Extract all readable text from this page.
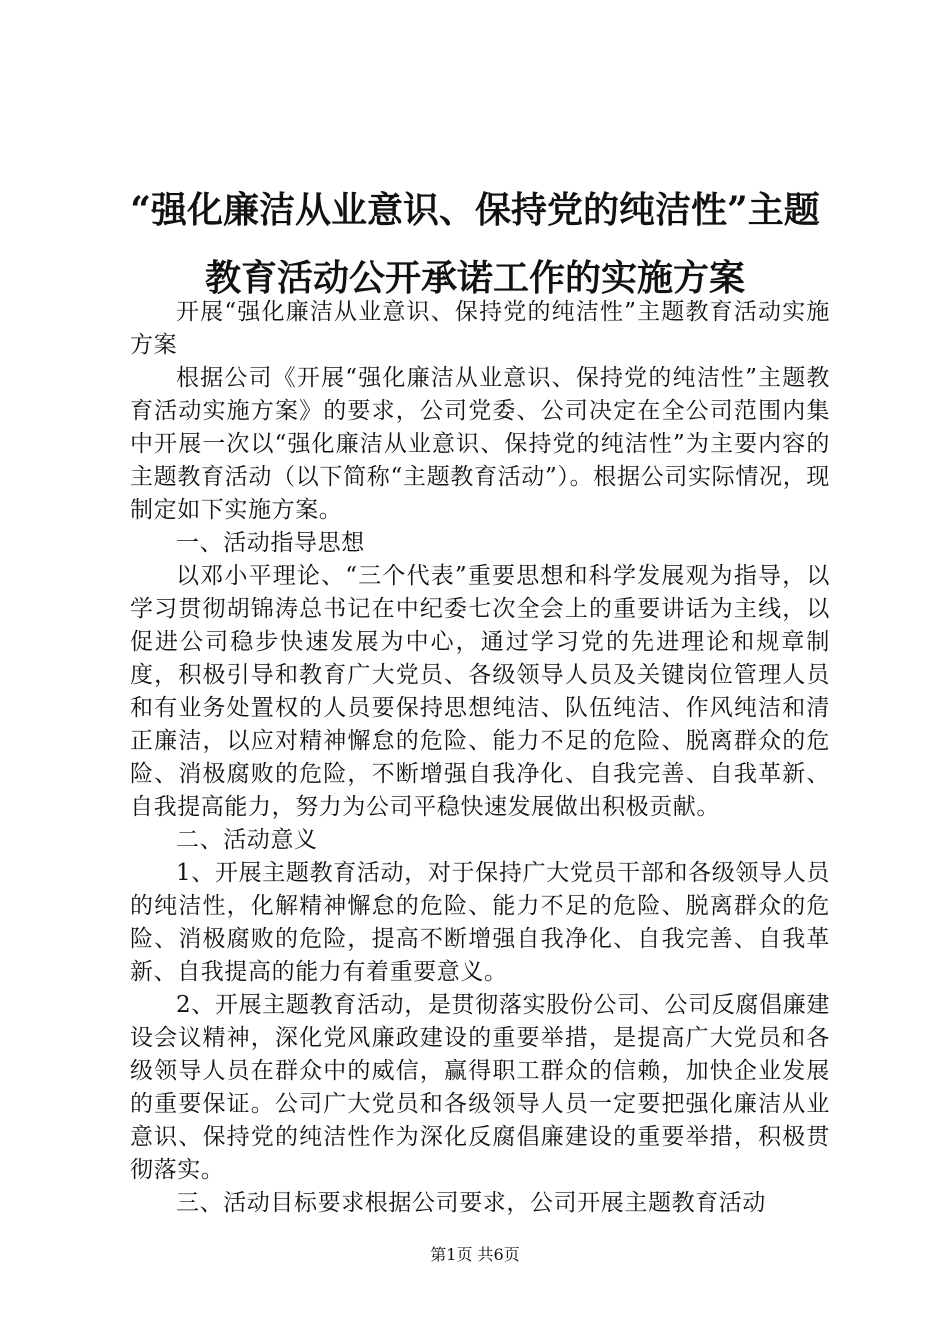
“强化廉洁从业意识、保持党的纯洁性”主题
教育活动公开承诺工作的实施方案

开展“强化廉洁从业意识、保持党的纯洁性”主题教育活动实施方案

根据公司《开展“强化廉洁从业意识、保持党的纯洁性”主题教育活动实施方案》的要求，公司党委、公司决定在全公司范围内集中开展一次以“强化廉洁从业意识、保持党的纯洁性”为主要内容的主题教育活动（以下简称“主题教育活动”）。根据公司实际情况，现制定如下实施方案。

一、活动指导思想

以邓小平理论、“三个代表”重要思想和科学发展观为指导，以学习贯彻胡锦涛总书记在中纪委七次全会上的重要讲话为主线，以促进公司稳步快速发展为中心，通过学习党的先进理论和规章制度，积极引导和教育广大党员、各级领导人员及关键岗位管理人员和有业务处置权的人员要保持思想纯洁、队伍纯洁、作风纯洁和清正廉洁，以应对精神懈怠的危险、能力不足的危险、脱离群众的危险、消极腐败的危险，不断增强自我净化、自我完善、自我革新、自我提高能力，努力为公司平稳快速发展做出积极贡献。

二、活动意义

1、开展主题教育活动，对于保持广大党员干部和各级领导人员的纯洁性，化解精神懈怠的危险、能力不足的危险、脱离群众的危险、消极腐败的危险，提高不断增强自我净化、自我完善、自我革新、自我提高的能力有着重要意义。

2、开展主题教育活动，是贯彻落实股份公司、公司反腐倡廉建设会议精神，深化党风廉政建设的重要举措，是提高广大党员和各级领导人员在群众中的威信，赢得职工群众的信赖，加快企业发展的重要保证。公司广大党员和各级领导人员一定要把强化廉洁从业意识、保持党的纯洁性作为深化反腐倡廉建设的重要举措，积极贯彻落实。

三、活动目标要求根据公司要求，公司开展主题教育活动

第1页 共6页
